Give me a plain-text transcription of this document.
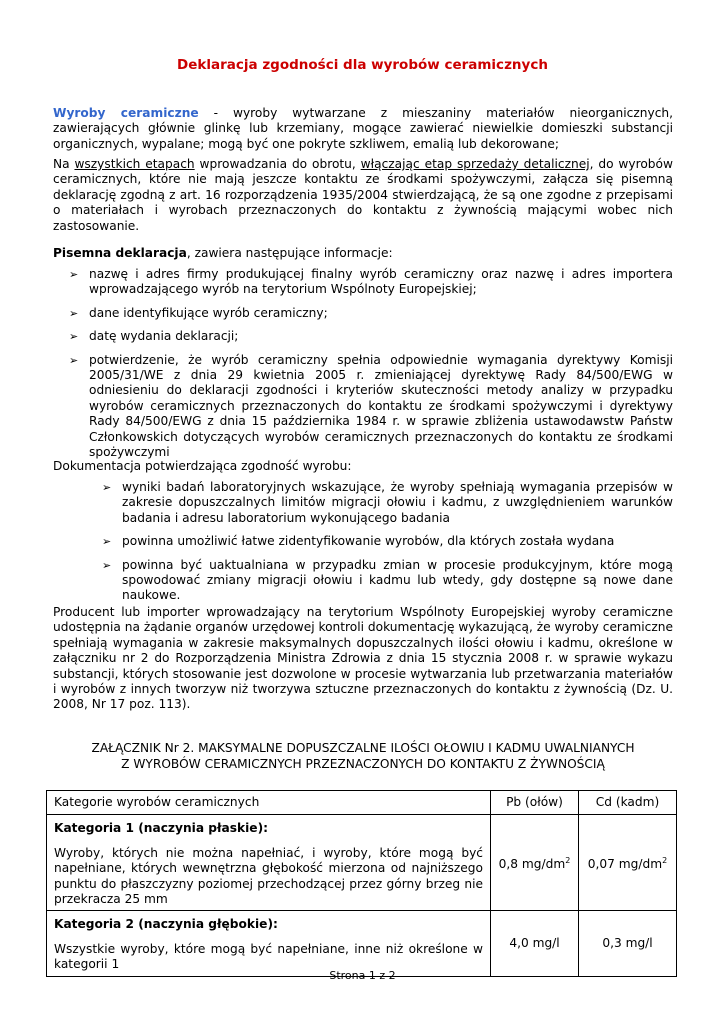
Deklaracja zgodności dla wyrobów ceramicznych

Wyroby ceramiczne - wyroby wytwarzane z mieszaniny materiałów nieorganicznych, zawierających głównie glinkę lub krzemiany, mogące zawierać niewielkie domieszki substancji organicznych, wypalane; mogą być one pokryte szkliwem, emalią lub dekorowane;

Na wszystkich etapach wprowadzania do obrotu, włączając etap sprzedaży detalicznej, do wyrobów ceramicznych, które nie mają jeszcze kontaktu ze środkami spożywczymi, załącza się pisemną deklarację zgodną z art. 16 rozporządzenia 1935/2004 stwierdzającą, że są one zgodne z przepisami o materiałach i wyrobach przeznaczonych do kontaktu z żywnością mającymi wobec nich zastosowanie.

Pisemna deklaracja, zawiera następujące informacje:

➢ nazwę i adres firmy produkującej finalny wyrób ceramiczny oraz nazwę i adres importera wprowadzającego wyrób na terytorium Wspólnoty Europejskiej;
➢ dane identyfikujące wyrób ceramiczny;
➢ datę wydania deklaracji;
➢ potwierdzenie, że wyrób ceramiczny spełnia odpowiednie wymagania dyrektywy Komisji 2005/31/WE z dnia 29 kwietnia 2005 r. zmieniającej dyrektywę Rady 84/500/EWG w odniesieniu do deklaracji zgodności i kryteriów skuteczności metody analizy w przypadku wyrobów ceramicznych przeznaczonych do kontaktu ze środkami spożywczymi i dyrektywy Rady 84/500/EWG z dnia 15 października 1984 r. w sprawie zbliżenia ustawodawstw Państw Członkowskich dotyczących wyrobów ceramicznych przeznaczonych do kontaktu ze środkami spożywczymi

Dokumentacja potwierdzająca zgodność wyrobu:

➢ wyniki badań laboratoryjnych wskazujące, że wyroby spełniają wymagania przepisów w zakresie dopuszczalnych limitów migracji ołowiu i kadmu, z uwzględnieniem warunków badania i adresu laboratorium wykonującego badania
➢ powinna umożliwić łatwe zidentyfikowanie wyrobów, dla których została wydana
➢ powinna być uaktualniana w przypadku zmian w procesie produkcyjnym, które mogą spowodować zmiany migracji ołowiu i kadmu lub wtedy, gdy dostępne są nowe dane naukowe.

Producent lub importer wprowadzający na terytorium Wspólnoty Europejskiej wyroby ceramiczne udostępnia na żądanie organów urzędowej kontroli dokumentację wykazującą, że wyroby ceramiczne spełniają wymagania w zakresie maksymalnych dopuszczalnych ilości ołowiu i kadmu, określone w załączniku nr 2 do Rozporządzenia Ministra Zdrowia z dnia 15 stycznia 2008 r. w sprawie wykazu substancji, których stosowanie jest dozwolone w procesie wytwarzania lub przetwarzania materiałów i wyrobów z innych tworzyw niż tworzywa sztuczne przeznaczonych do kontaktu z żywnością (Dz. U. 2008, Nr 17 poz. 113).

ZAŁĄCZNIK Nr 2. MAKSYMALNE DOPUSZCZALNE ILOŚCI OŁOWIU I KADMU UWALNIANYCH
Z WYROBÓW CERAMICZNYCH PRZEZNACZONYCH DO KONTAKTU Z ŻYWNOŚCIĄ
Kategorie wyrobów ceramicznych	Pb (ołów)	Cd (kadm)

Kategoria 1 (naczynia płaskie):
Wyroby, których nie można napełniać, i wyroby, które mogą być napełniane, których wewnętrzna głębokość mierzona od najniższego punktu do płaszczyzny poziomej przechodzącej przez górny brzeg nie przekracza 25 mm	0,8 $mg/dm^2$	0,07 $mg/dm^2$

Kategoria 2 (naczynia głębokie):
Wszystkie wyroby, które mogą być napełniane, inne niż określone w kategorii 1	4,0 mg/l	0,3 mg/l
Strona 1 z 2
